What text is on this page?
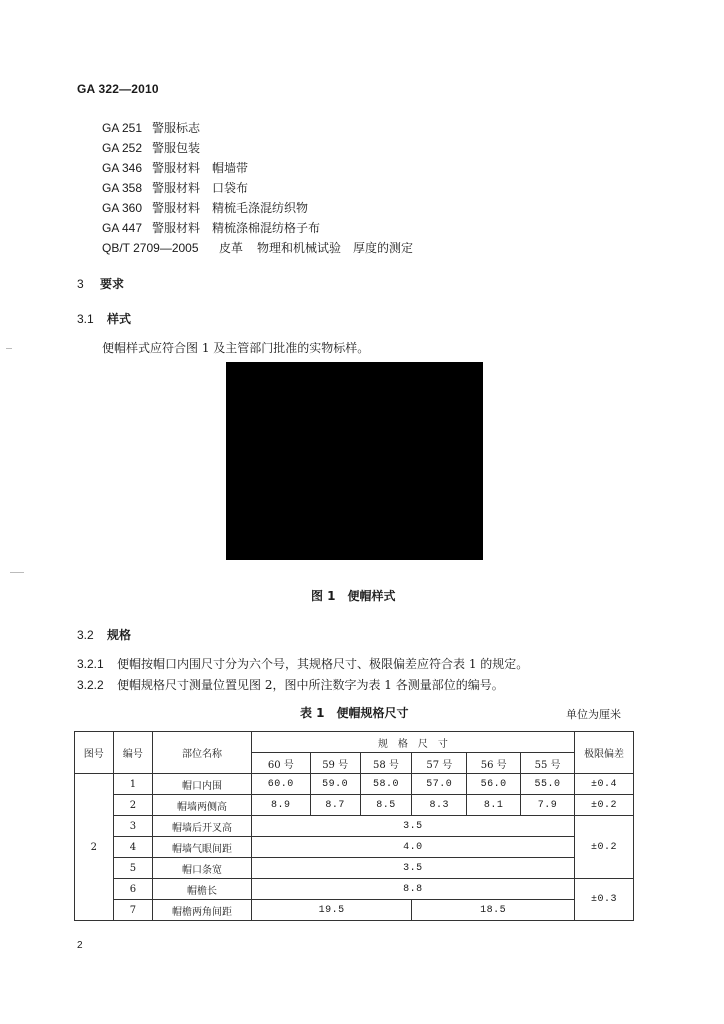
GA 322—2010
GA 251 警服标志
GA 252 警服包装
GA 346 警服材料 帽墙带
GA 358 警服材料 口袋布
GA 360 警服材料 精梳毛涤混纺织物
GA 447 警服材料 精梳涤棉混纺格子布
QB/T 2709—2005 皮革 物理和机械试验　厚度的测定
3 要求
3.1 样式
便帽样式应符合图 1 及主管部门批准的实物标样。
图 1　便帽样式
3.2 规格
3.2.1 便帽按帽口内围尺寸分为六个号，其规格尺寸、极限偏差应符合表 1 的规定。
3.2.2 便帽规格尺寸测量位置见图 2，图中所注数字为表 1 各测量部位的编号。
表 1　便帽规格尺寸	单位为厘米
图号	编号	部位名称	规　格　尺　寸						极限偏差
			60 号	59 号	58 号	57 号	56 号	55 号	
2	1	帽口内围	60.0	59.0	58.0	57.0	56.0	55.0	±0.4
	2	帽墙两侧高	8.9	8.7	8.5	8.3	8.1	7.9	±0.2
	3	帽墙后开叉高	3.5						±0.2
	4	帽墙气眼间距	4.0						
	5	帽口条宽	3.5						
	6	帽檐长	8.8						±0.3
	7	帽檐两角间距	19.5			18.5			
2
